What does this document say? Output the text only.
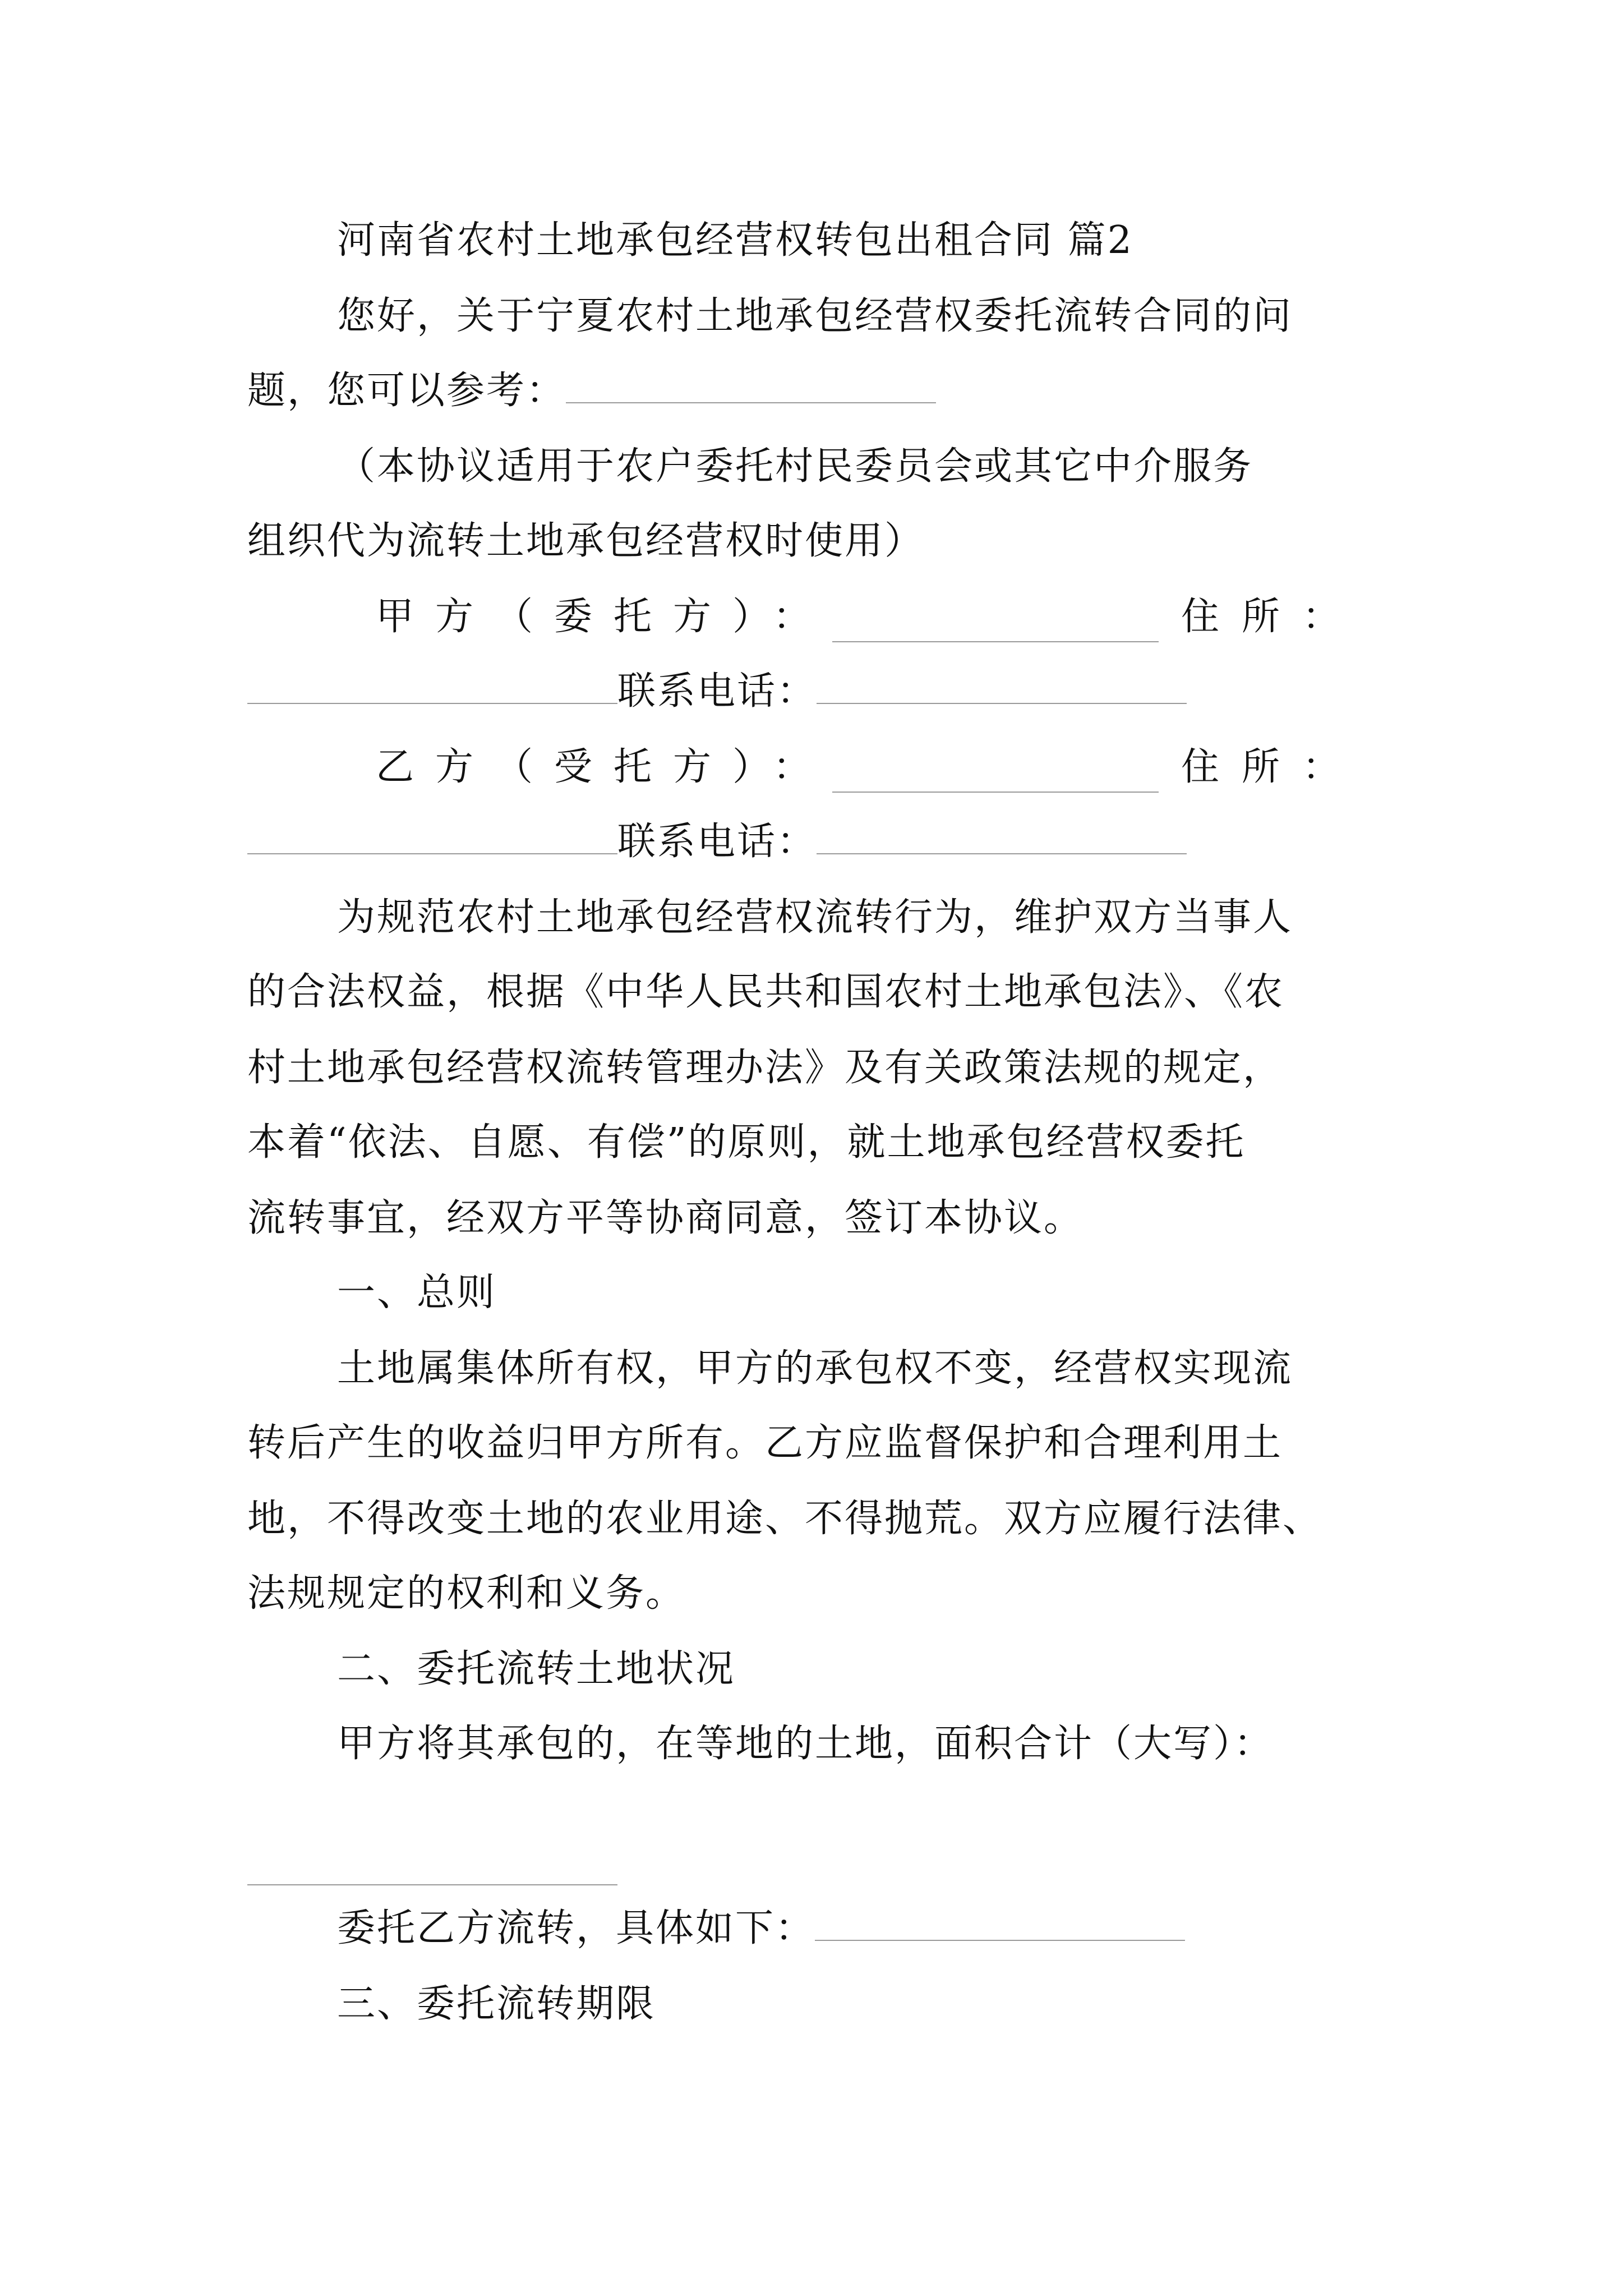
河南省农村土地承包经营权转包出租合同 篇2
您好，关于宁夏农村土地承包经营权委托流转合同的问
题，您可以参考：
（本协议适用于农户委托村民委员会或其它中介服务
组织代为流转土地承包经营权时使用）
甲方（委托方）：	住所：
联系电话：
乙方（受托方）：	住所：
联系电话：
为规范农村土地承包经营权流转行为，维护双方当事人
的合法权益，根据《中华人民共和国农村土地承包法》、《农
村土地承包经营权流转管理办法》及有关政策法规的规定，
本着“依法、自愿、有偿”的原则，就土地承包经营权委托
流转事宜，经双方平等协商同意，签订本协议。
一、总则
土地属集体所有权，甲方的承包权不变，经营权实现流
转后产生的收益归甲方所有。乙方应监督保护和合理利用土
地，不得改变土地的农业用途、不得抛荒。双方应履行法律、
法规规定的权利和义务。
二、委托流转土地状况
甲方将其承包的，在等地的土地，面积合计（大写）：
委托乙方流转，具体如下：
三、委托流转期限
